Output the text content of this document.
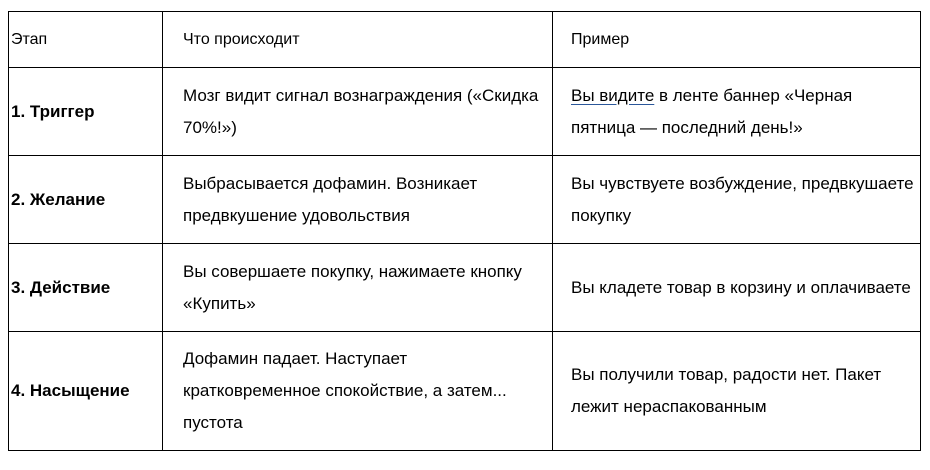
Этап	Что происходит	Пример
1. Триггер	Мозг видит сигнал вознаграждения («Скидка 70%!»)	Вы видите в ленте баннер «Черная пятница — последний день!»
2. Желание	Выбрасывается дофамин. Возникает предвкушение удовольствия	Вы чувствуете возбуждение, предвкушаете покупку
3. Действие	Вы совершаете покупку, нажимаете кнопку «Купить»	Вы кладете товар в корзину и оплачиваете
4. Насыщение	Дофамин падает. Наступает кратковременное спокойствие, а затем... пустота	Вы получили товар, радости нет. Пакет лежит нераспакованным
